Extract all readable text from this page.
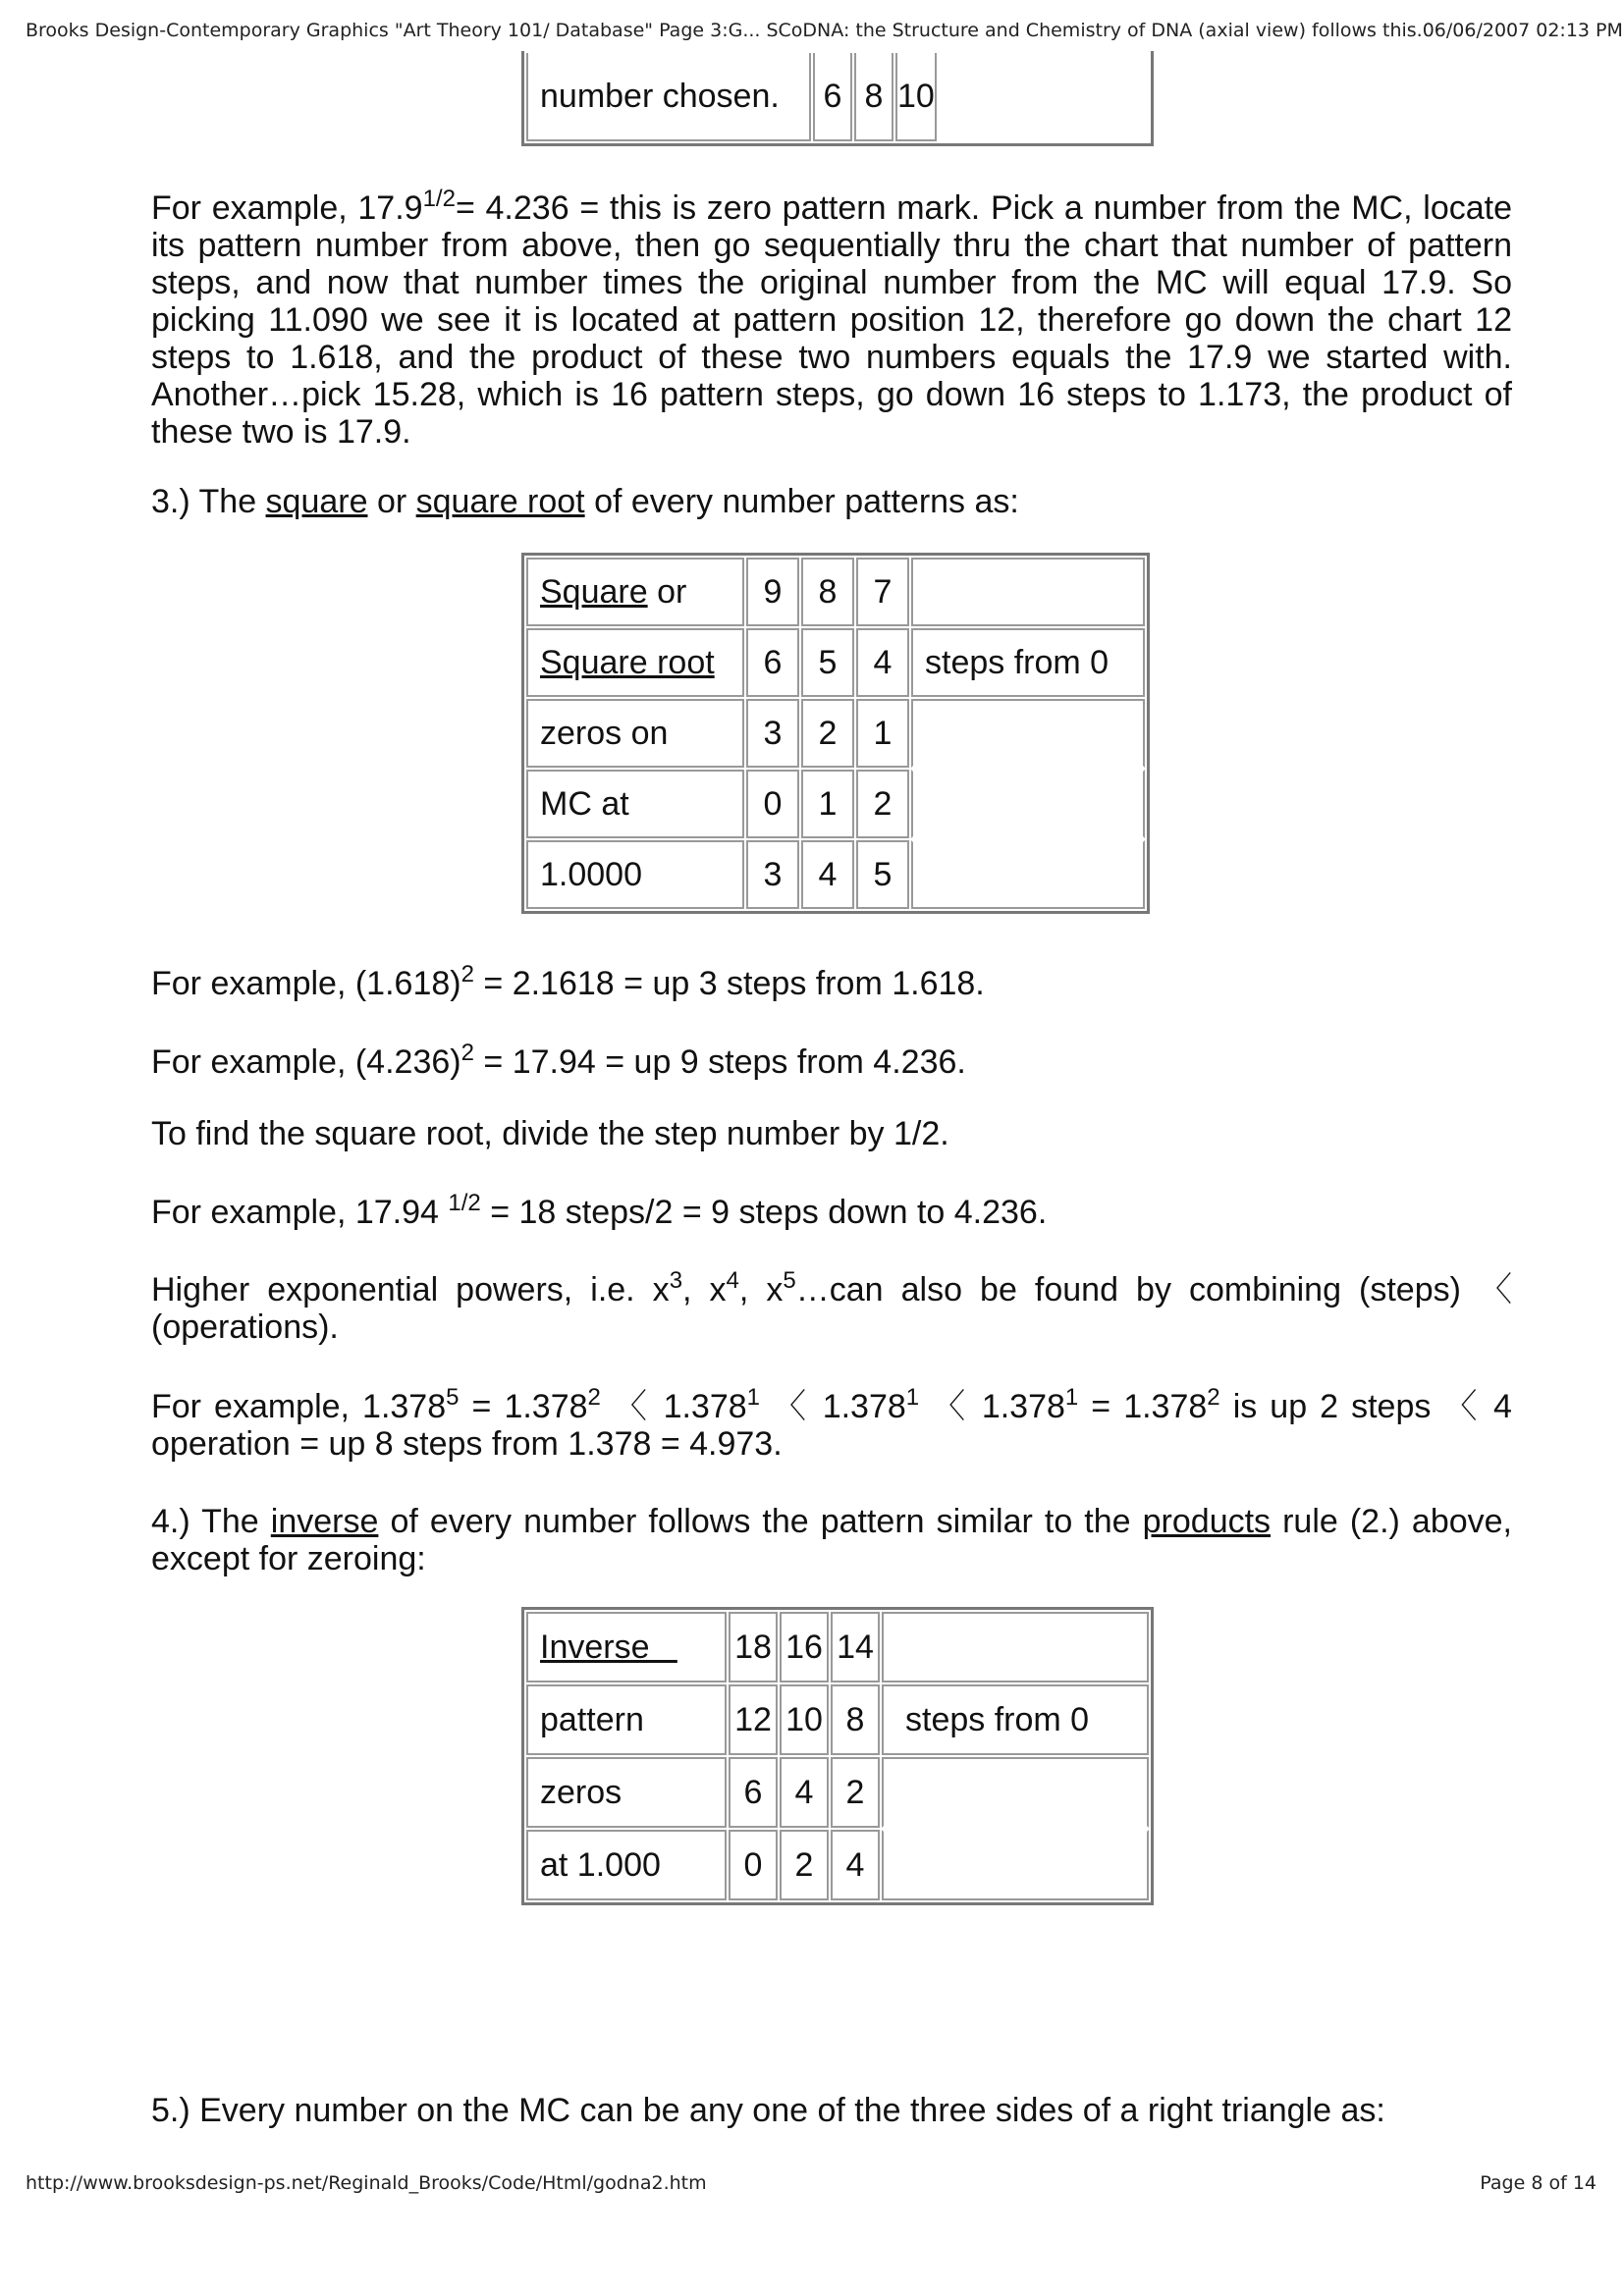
Brooks Design-Contemporary Graphics "Art Theory 101/ Database" Page 3:G... SCoDNA: the Structure and Chemistry of DNA (axial view) follows this. 06/06/2007 02:13 PM
number chosen.	6	8	10	

For example, $17.9^{1/2}= 4.236$ = this is zero pattern mark. Pick a number from the MC, locate its pattern number from above, then go sequentially thru the chart that number of pattern steps, and now that number times the original number from the MC will equal 17.9. So picking 11.090 we see it is located at pattern position 12, therefore go down the chart 12 steps to 1.618, and the product of these two numbers equals the 17.9 we started with. Another…pick 15.28, which is 16 pattern steps, go down 16 steps to 1.173, the product of these two is 17.9.

3.) The square or square root of every number patterns as:

Square or	9	8	7	
Square root	6	5	4	steps from 0
zeros on	3	2	1	
MC at	0	1	2	
1.0000	3	4	5	

For example, $(1.618)^2 = 2.1618$ = up 3 steps from 1.618.

For example, $(4.236)^2 = 17.94$ = up 9 steps from 4.236.

To find the square root, divide the step number by 1/2.

For example, 17.94 $^{1/2}$ = 18 steps/2 = 9 steps down to 4.236.

Higher exponential powers, i.e. $x^3$, $x^4$, $x^5\dots can$ also be found by combining (steps) 〈 (operations).

For example, $1.378^5 = 1.378^2$ 〈 1.378$^1$ 〈 1.378$^1$ 〈 $1.378^1 = 1.378^2$ is up 2 steps 〈 4 operation = up 8 steps from 1.378 = 4.973.

4.) The inverse of every number follows the pattern similar to the products rule (2.) above, except for zeroing:

Inverse	18	16	14	
pattern	12	10	8	steps from 0
zeros	6	4	2	
at 1.000	0	2	4	

5.) Every number on the MC can be any one of the three sides of a right triangle as:

http://www.brooksdesign-ps.net/Reginald_Brooks/Code/Html/godna2.htm	Page 8 of 14
